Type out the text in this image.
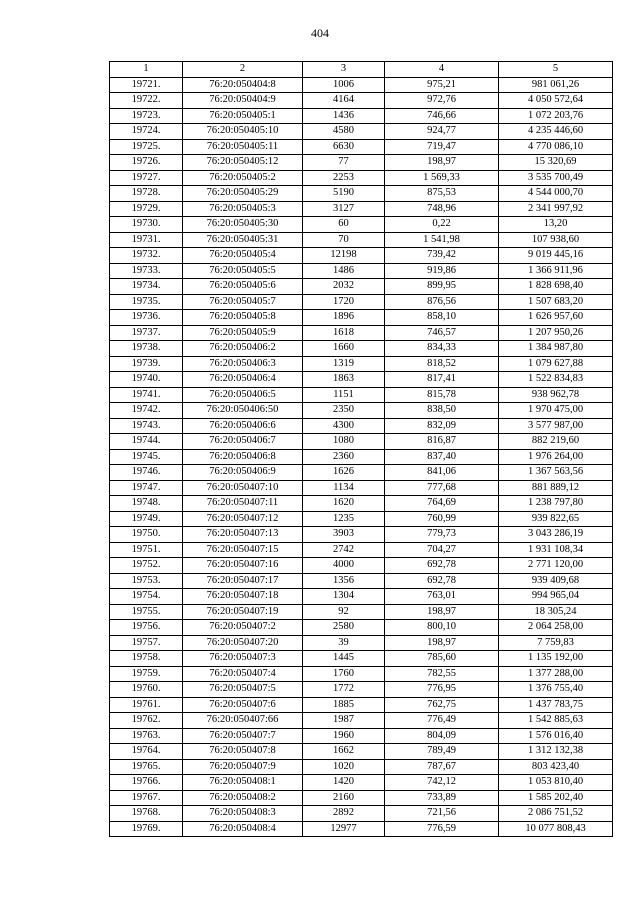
404
1	2	3	4	5
19721.	76:20:050404:8	1006	975,21	981 061,26
19722.	76:20:050404:9	4164	972,76	4 050 572,64
19723.	76:20:050405:1	1436	746,66	1 072 203,76
19724.	76:20:050405:10	4580	924,77	4 235 446,60
19725.	76:20:050405:11	6630	719,47	4 770 086,10
19726.	76:20:050405:12	77	198,97	15 320,69
19727.	76:20:050405:2	2253	1 569,33	3 535 700,49
19728.	76:20:050405:29	5190	875,53	4 544 000,70
19729.	76:20:050405:3	3127	748,96	2 341 997,92
19730.	76:20:050405:30	60	0,22	13,20
19731.	76:20:050405:31	70	1 541,98	107 938,60
19732.	76:20:050405:4	12198	739,42	9 019 445,16
19733.	76:20:050405:5	1486	919,86	1 366 911,96
19734.	76:20:050405:6	2032	899,95	1 828 698,40
19735.	76:20:050405:7	1720	876,56	1 507 683,20
19736.	76:20:050405:8	1896	858,10	1 626 957,60
19737.	76:20:050405:9	1618	746,57	1 207 950,26
19738.	76:20:050406:2	1660	834,33	1 384 987,80
19739.	76:20:050406:3	1319	818,52	1 079 627,88
19740.	76:20:050406:4	1863	817,41	1 522 834,83
19741.	76:20:050406:5	1151	815,78	938 962,78
19742.	76:20:050406:50	2350	838,50	1 970 475,00
19743.	76:20:050406:6	4300	832,09	3 577 987,00
19744.	76:20:050406:7	1080	816,87	882 219,60
19745.	76:20:050406:8	2360	837,40	1 976 264,00
19746.	76:20:050406:9	1626	841,06	1 367 563,56
19747.	76:20:050407:10	1134	777,68	881 889,12
19748.	76:20:050407:11	1620	764,69	1 238 797,80
19749.	76:20:050407:12	1235	760,99	939 822,65
19750.	76:20:050407:13	3903	779,73	3 043 286,19
19751.	76:20:050407:15	2742	704,27	1 931 108,34
19752.	76:20:050407:16	4000	692,78	2 771 120,00
19753.	76:20:050407:17	1356	692,78	939 409,68
19754.	76:20:050407:18	1304	763,01	994 965,04
19755.	76:20:050407:19	92	198,97	18 305,24
19756.	76:20:050407:2	2580	800,10	2 064 258,00
19757.	76:20:050407:20	39	198,97	7 759,83
19758.	76:20:050407:3	1445	785,60	1 135 192,00
19759.	76:20:050407:4	1760	782,55	1 377 288,00
19760.	76:20:050407:5	1772	776,95	1 376 755,40
19761.	76:20:050407:6	1885	762,75	1 437 783,75
19762.	76:20:050407:66	1987	776,49	1 542 885,63
19763.	76:20:050407:7	1960	804,09	1 576 016,40
19764.	76:20:050407:8	1662	789,49	1 312 132,38
19765.	76:20:050407:9	1020	787,67	803 423,40
19766.	76:20:050408:1	1420	742,12	1 053 810,40
19767.	76:20:050408:2	2160	733,89	1 585 202,40
19768.	76:20:050408:3	2892	721,56	2 086 751,52
19769.	76:20:050408:4	12977	776,59	10 077 808,43
